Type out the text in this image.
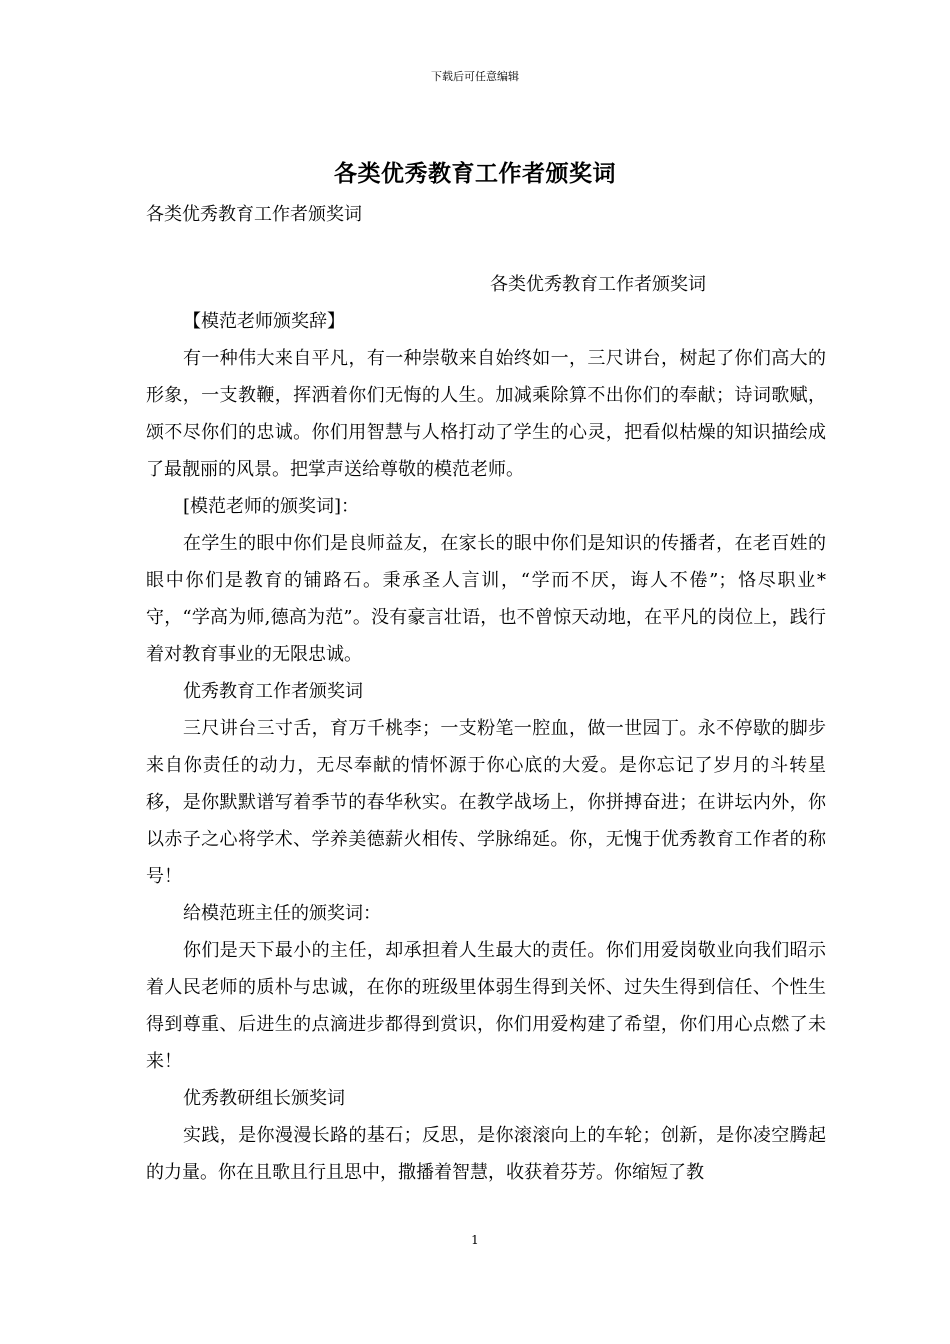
下载后可任意编辑
各类优秀教育工作者颁奖词
各类优秀教育工作者颁奖词
各类优秀教育工作者颁奖词
【模范老师颁奖辞】

有一种伟大来自平凡，有一种崇敬来自始终如一，三尺讲台，树起了你们高大的形象，一支教鞭，挥洒着你们无悔的人生。加减乘除算不出你们的奉献；诗词歌赋，颂不尽你们的忠诚。你们用智慧与人格打动了学生的心灵，把看似枯燥的知识描绘成了最靓丽的风景。把掌声送给尊敬的模范老师。

[模范老师的颁奖词]：

在学生的眼中你们是良师益友，在家长的眼中你们是知识的传播者，在老百姓的眼中你们是教育的铺路石。秉承圣人言训，“学而不厌，诲人不倦”；恪尽职业*守，“学高为师,德高为范”。没有豪言壮语，也不曾惊天动地，在平凡的岗位上，践行着对教育事业的无限忠诚。

优秀教育工作者颁奖词

三尺讲台三寸舌，育万千桃李；一支粉笔一腔血，做一世园丁。永不停歇的脚步来自你责任的动力，无尽奉献的情怀源于你心底的大爱。是你忘记了岁月的斗转星移，是你默默谱写着季节的春华秋实。在教学战场上，你拼搏奋进；在讲坛内外，你以赤子之心将学术、学养美德薪火相传、学脉绵延。你，无愧于优秀教育工作者的称号！

给模范班主任的颁奖词：

你们是天下最小的主任，却承担着人生最大的责任。你们用爱岗敬业向我们昭示着人民老师的质朴与忠诚，在你的班级里体弱生得到关怀、过失生得到信任、个性生得到尊重、后进生的点滴进步都得到赏识，你们用爱构建了希望，你们用心点燃了未来！

优秀教研组长颁奖词

实践，是你漫漫长路的基石；反思，是你滚滚向上的车轮；创新，是你凌空腾起的力量。你在且歌且行且思中，撒播着智慧，收获着芬芳。你缩短了教

1
